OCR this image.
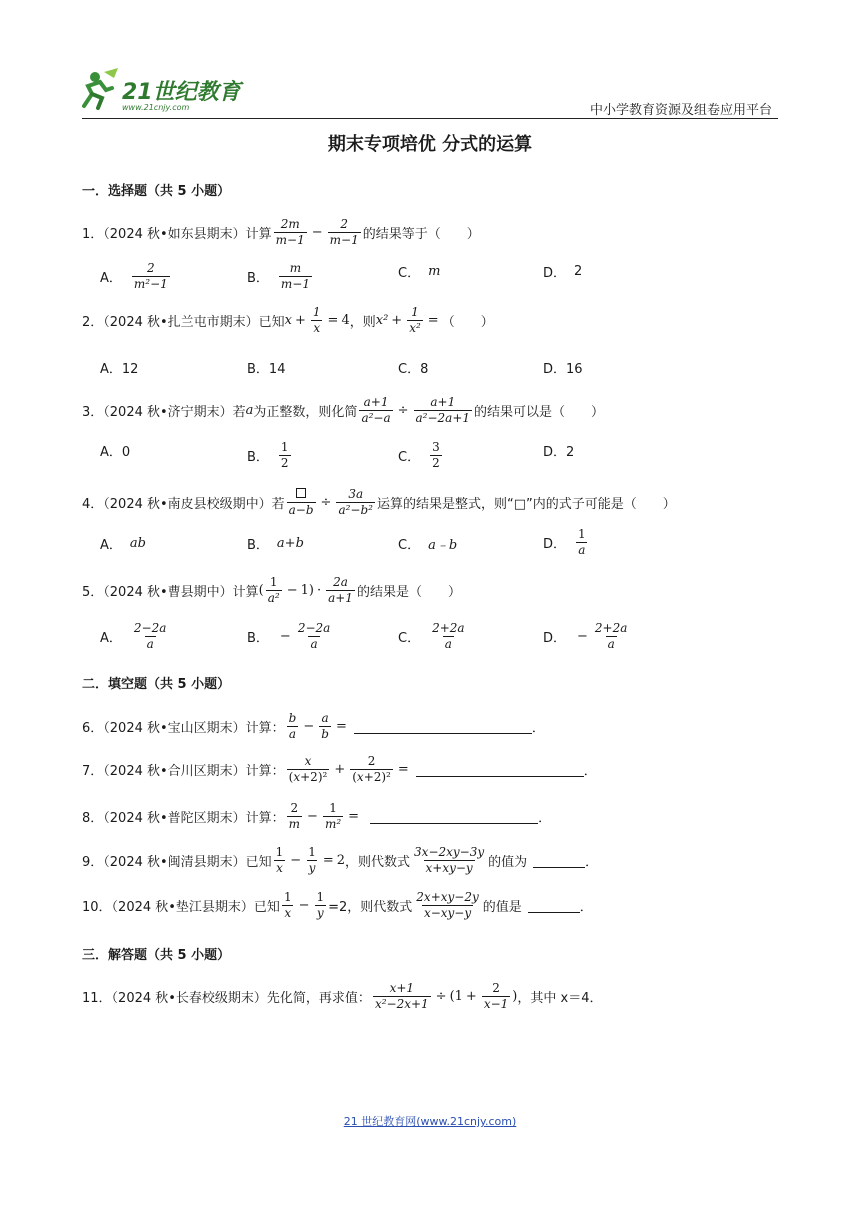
21世纪教育
www.21cnjy.com	中小学教育资源及组卷应用平台
期末专项培优 分式的运算
一．选择题（共 5 小题）
1．（2024 秋•如东县期末）计算 $\frac{2m}{m-1} - \frac{2}{m-1}$ 的结果等于（　　）
A． $\frac{2}{\text{m²−1}}$	B． $\frac{m}{m-1}$	C． m	D． 2
2．（2024 秋•扎兰屯市期末）已知 $x + \frac{1}{x} = 4$ ，则 $x^2 + \frac{1}{\text{x²}}$ = （　　）
A．12	B．14	C．8	D．16
3．（2024 秋•济宁期末）若 a 为正整数，则化简 $\frac{a+1}{\text{a²−a}} \div \frac{a+1}{\text{a²−2a+1}}$ 的结果可以是（　　）
A．0	B． $\frac{1}{2}$	C． $\frac{3}{2}$	D．2
4．（2024 秋•南皮县校级期中）若 $a-b \div \frac{3a}{\text{a²−b²}}$ 运算的结果是整式，则“□”内的式子可能是（　　）
A． ab	B． a+b	C． a﹣b	D． $\frac{1}{a}$
5．（2024 秋•曹县期中）计算 ( $\frac{1}{\text{a²}} - 1) \cdot \frac{2a}{a+1}$ 的结果是（　　）
A． $\frac{2-2a}{a}$	B． − $\frac{2-2a}{a}$	C． $\frac{2+2a}{a}$	D． − $\frac{2+2a}{a}$
二．填空题（共 5 小题）
6．（2024 秋•宝山区期末）计算： $\frac{b}{a} - \frac{a}{b}$ =	．
7．（2024 秋•合川区期末）计算： $\frac{x}{\text{(x+2)²}} + \frac{2}{\text{(x+2)²}}$ =	．
8．（2024 秋•普陀区期末）计算： $\frac{2}{m} - \frac{1}{\text{m²}}$ =	．
9．（2024 秋•闽清县期末）已知 $\frac{1}{x} - \frac{1}{y} = 2$ ，则代数式 $\frac{3x-2xy-3y}{x+xy-y}$ 的值为	．
10．（2024 秋•垫江县期末）已知 $\frac{1}{x} - \frac{1}{y} =2$，则代数式 $\frac{2x+xy-2y}{x-xy-y}$ 的值是	．
三．解答题（共 5 小题）
11．（2024 秋•长春校级期末）先化简，再求值： $\frac{x+1}{\text{x²−2x+1}} \div (1 + \frac{2}{x-1}$ ) ，其中 x＝4．
21 世纪教育网(www.21cnjy.com)
